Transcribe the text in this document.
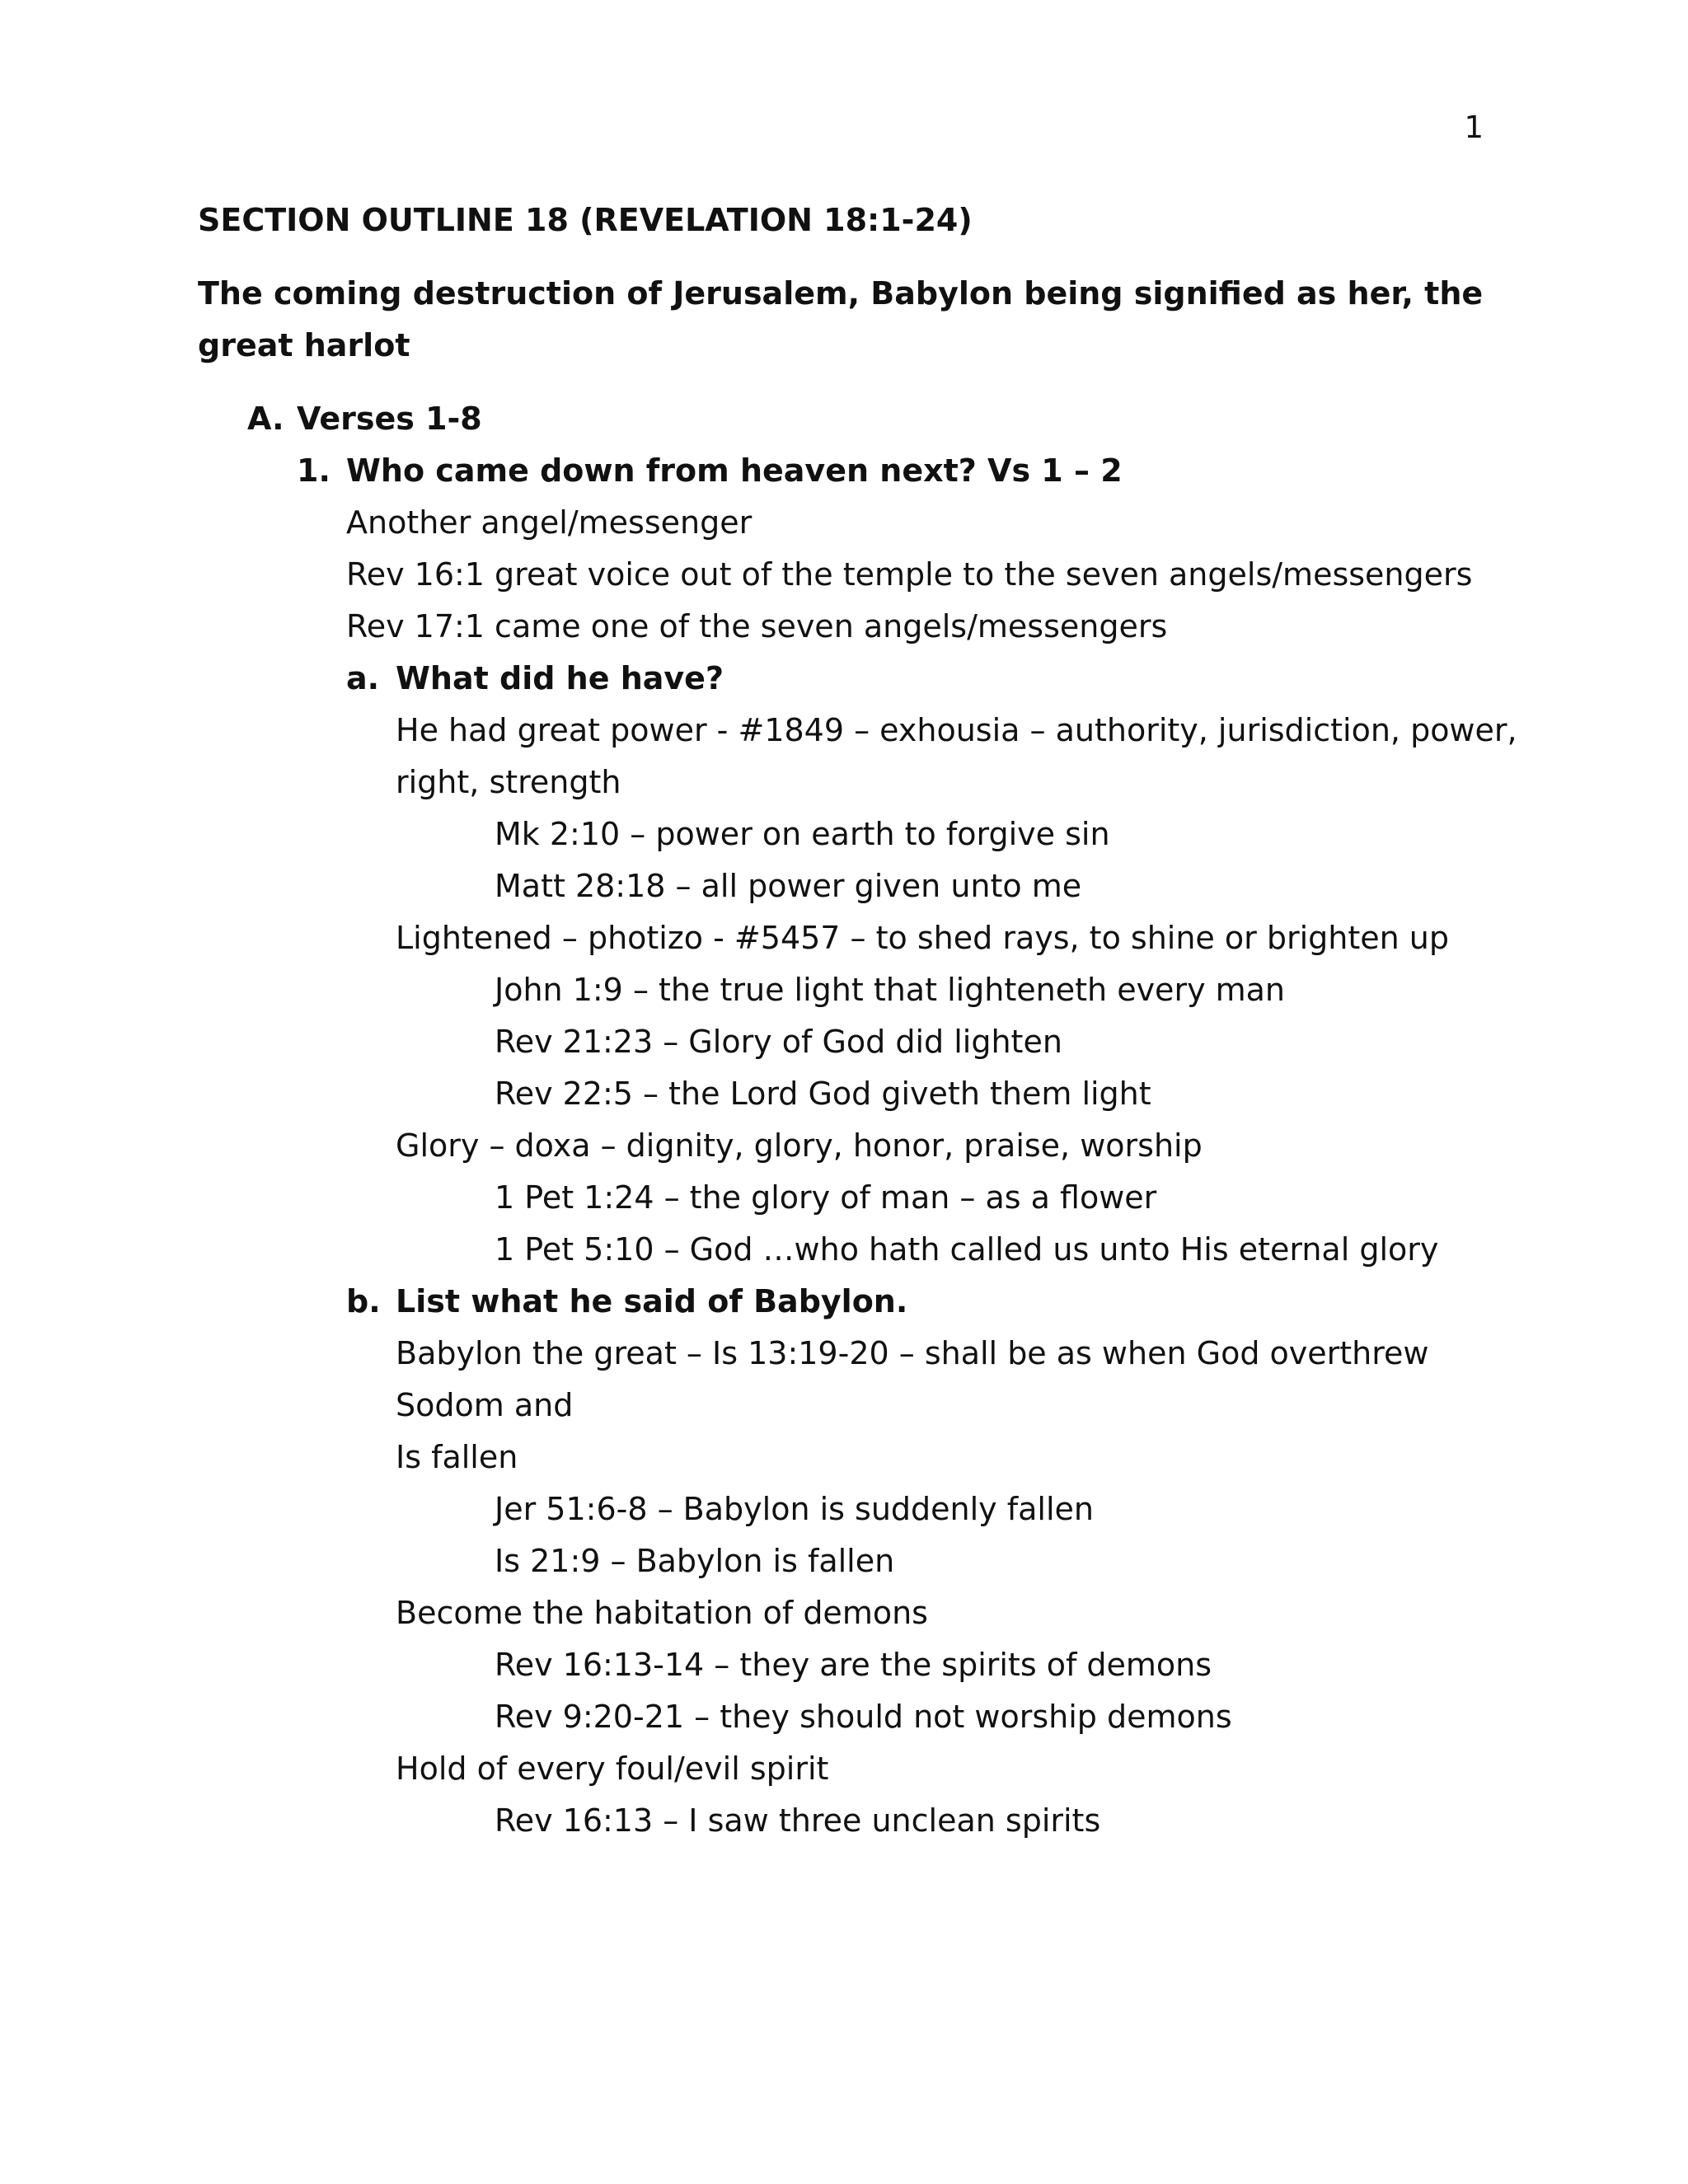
1
SECTION OUTLINE 18 (REVELATION 18:1-24)
The coming destruction of Jerusalem, Babylon being signified as her, the
great harlot
A. Verses 1-8
1. Who came down from heaven next? Vs 1 – 2
Another angel/messenger
Rev 16:1 great voice out of the temple to the seven angels/messengers
Rev 17:1 came one of the seven angels/messengers
a. What did he have?
He had great power - #1849 – exhousia – authority, jurisdiction, power,
right, strength
Mk 2:10 – power on earth to forgive sin
Matt 28:18 – all power given unto me
Lightened – photizo - #5457 – to shed rays, to shine or brighten up
John 1:9 – the true light that lighteneth every man
Rev 21:23 – Glory of God did lighten
Rev 22:5 – the Lord God giveth them light
Glory – doxa – dignity, glory, honor, praise, worship
1 Pet 1:24 – the glory of man – as a flower
1 Pet 5:10 – God …who hath called us unto His eternal glory
b. List what he said of Babylon.
Babylon the great – Is 13:19-20 – shall be as when God overthrew
Sodom and
Is fallen
Jer 51:6-8 – Babylon is suddenly fallen
Is 21:9 – Babylon is fallen
Become the habitation of demons
Rev 16:13-14 – they are the spirits of demons
Rev 9:20-21 – they should not worship demons
Hold of every foul/evil spirit
Rev 16:13 – I saw three unclean spirits
